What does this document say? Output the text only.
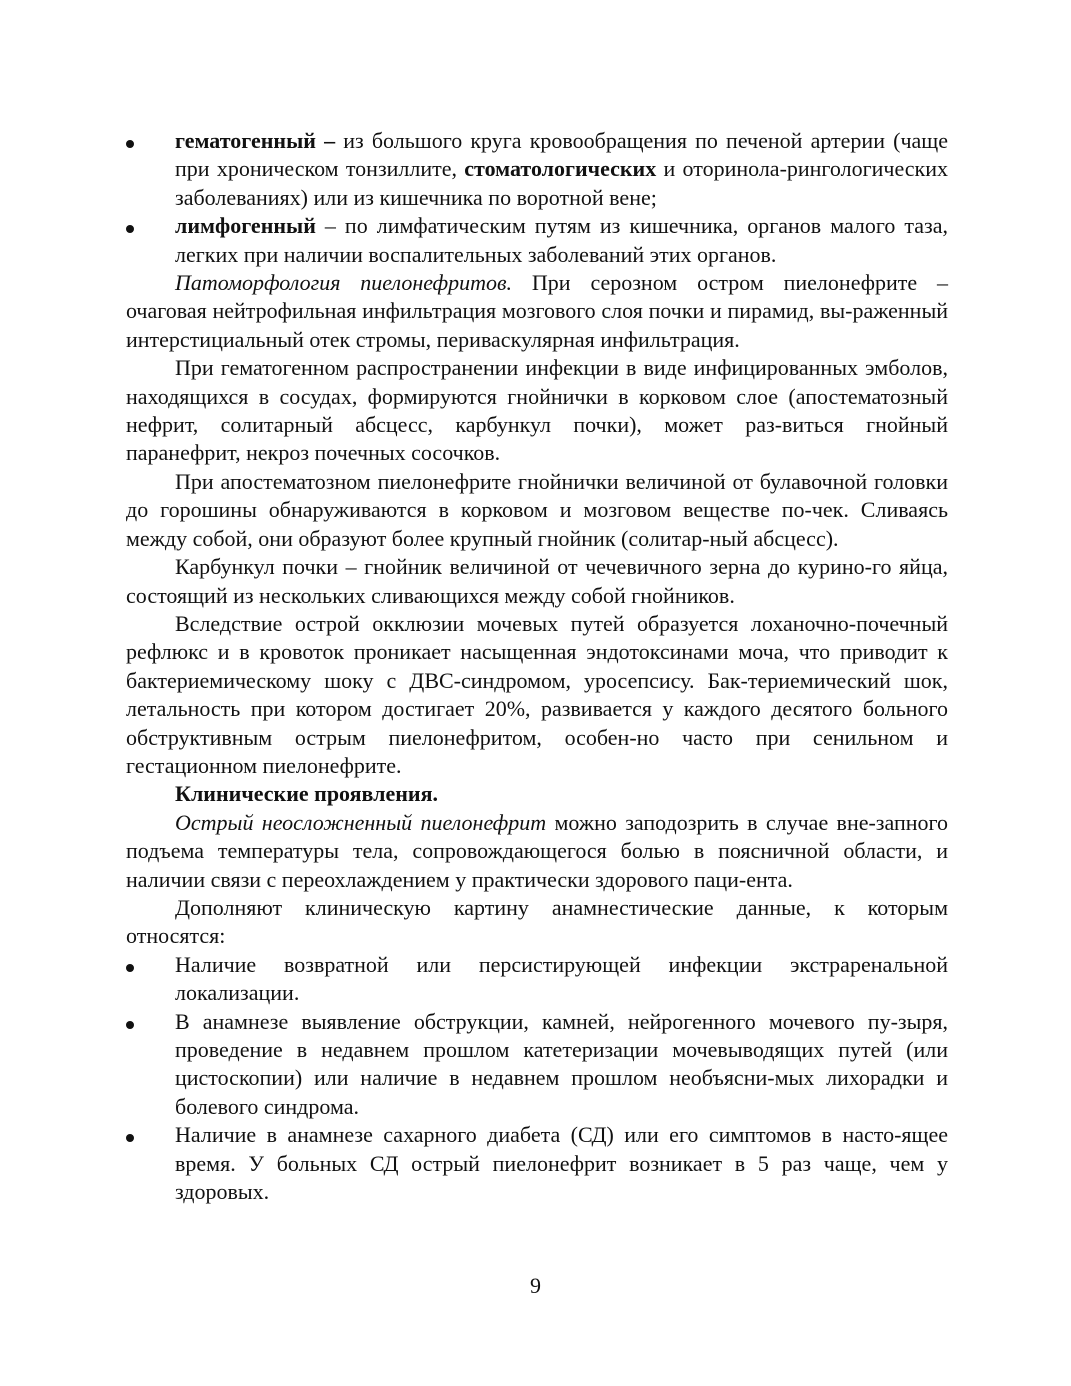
гематогенный – из большого круга кровообращения по печеной артерии (чаще при хроническом тонзиллите, стоматологических и оторинола-рингологических заболеваниях) или из кишечника по воротной вене;
лимфогенный – по лимфатическим путям из кишечника, органов малого таза, легких при наличии воспалительных заболеваний этих органов.
Патоморфология пиелонефритов. При серозном остром пиелонефрите – очаговая нейтрофильная инфильтрация мозгового слоя почки и пирамид, вы-раженный интерстициальный отек стромы, периваскулярная инфильтрация.
При гематогенном распространении инфекции в виде инфицированных эмболов, находящихся в сосудах, формируются гнойнички в корковом слое (апостематозный нефрит, солитарный абсцесс, карбункул почки), может раз-виться гнойный паранефрит, некроз почечных сосочков.
При апостематозном пиелонефрите гнойнички величиной от булавочной головки до горошины обнаруживаются в корковом и мозговом веществе по-чек. Сливаясь между собой, они образуют более крупный гнойник (солитар-ный абсцесс).
Карбункул почки – гнойник величиной от чечевичного зерна до курино-го яйца, состоящий из нескольких сливающихся между собой гнойников.
Вследствие острой окклюзии мочевых путей образуется лоханочно-почечный рефлюкс и в кровоток проникает насыщенная эндотоксинами моча, что приводит к бактериемическому шоку с ДВС-синдромом, уросепсису. Бак-териемический шок, летальность при котором достигает 20%, развивается у каждого десятого больного обструктивным острым пиелонефритом, особен-но часто при сенильном и гестационном пиелонефрите.
Клинические проявления.
Острый неосложненный пиелонефрит можно заподозрить в случае вне-запного подъема температуры тела, сопровождающегося болью в поясничной области, и наличии связи с переохлаждением у практически здорового паци-ента.
Дополняют клиническую картину анамнестические данные, к которым относятся:
Наличие возвратной или персистирующей инфекции экстраренальной локализации.
В анамнезе выявление обструкции, камней, нейрогенного мочевого пу-зыря, проведение в недавнем прошлом катетеризации мочевыводящих путей (или цистоскопии) или наличие в недавнем прошлом необъясни-мых лихорадки и болевого синдрома.
Наличие в анамнезе сахарного диабета (СД) или его симптомов в насто-ящее время. У больных СД острый пиелонефрит возникает в 5 раз чаще, чем у здоровых.
9
